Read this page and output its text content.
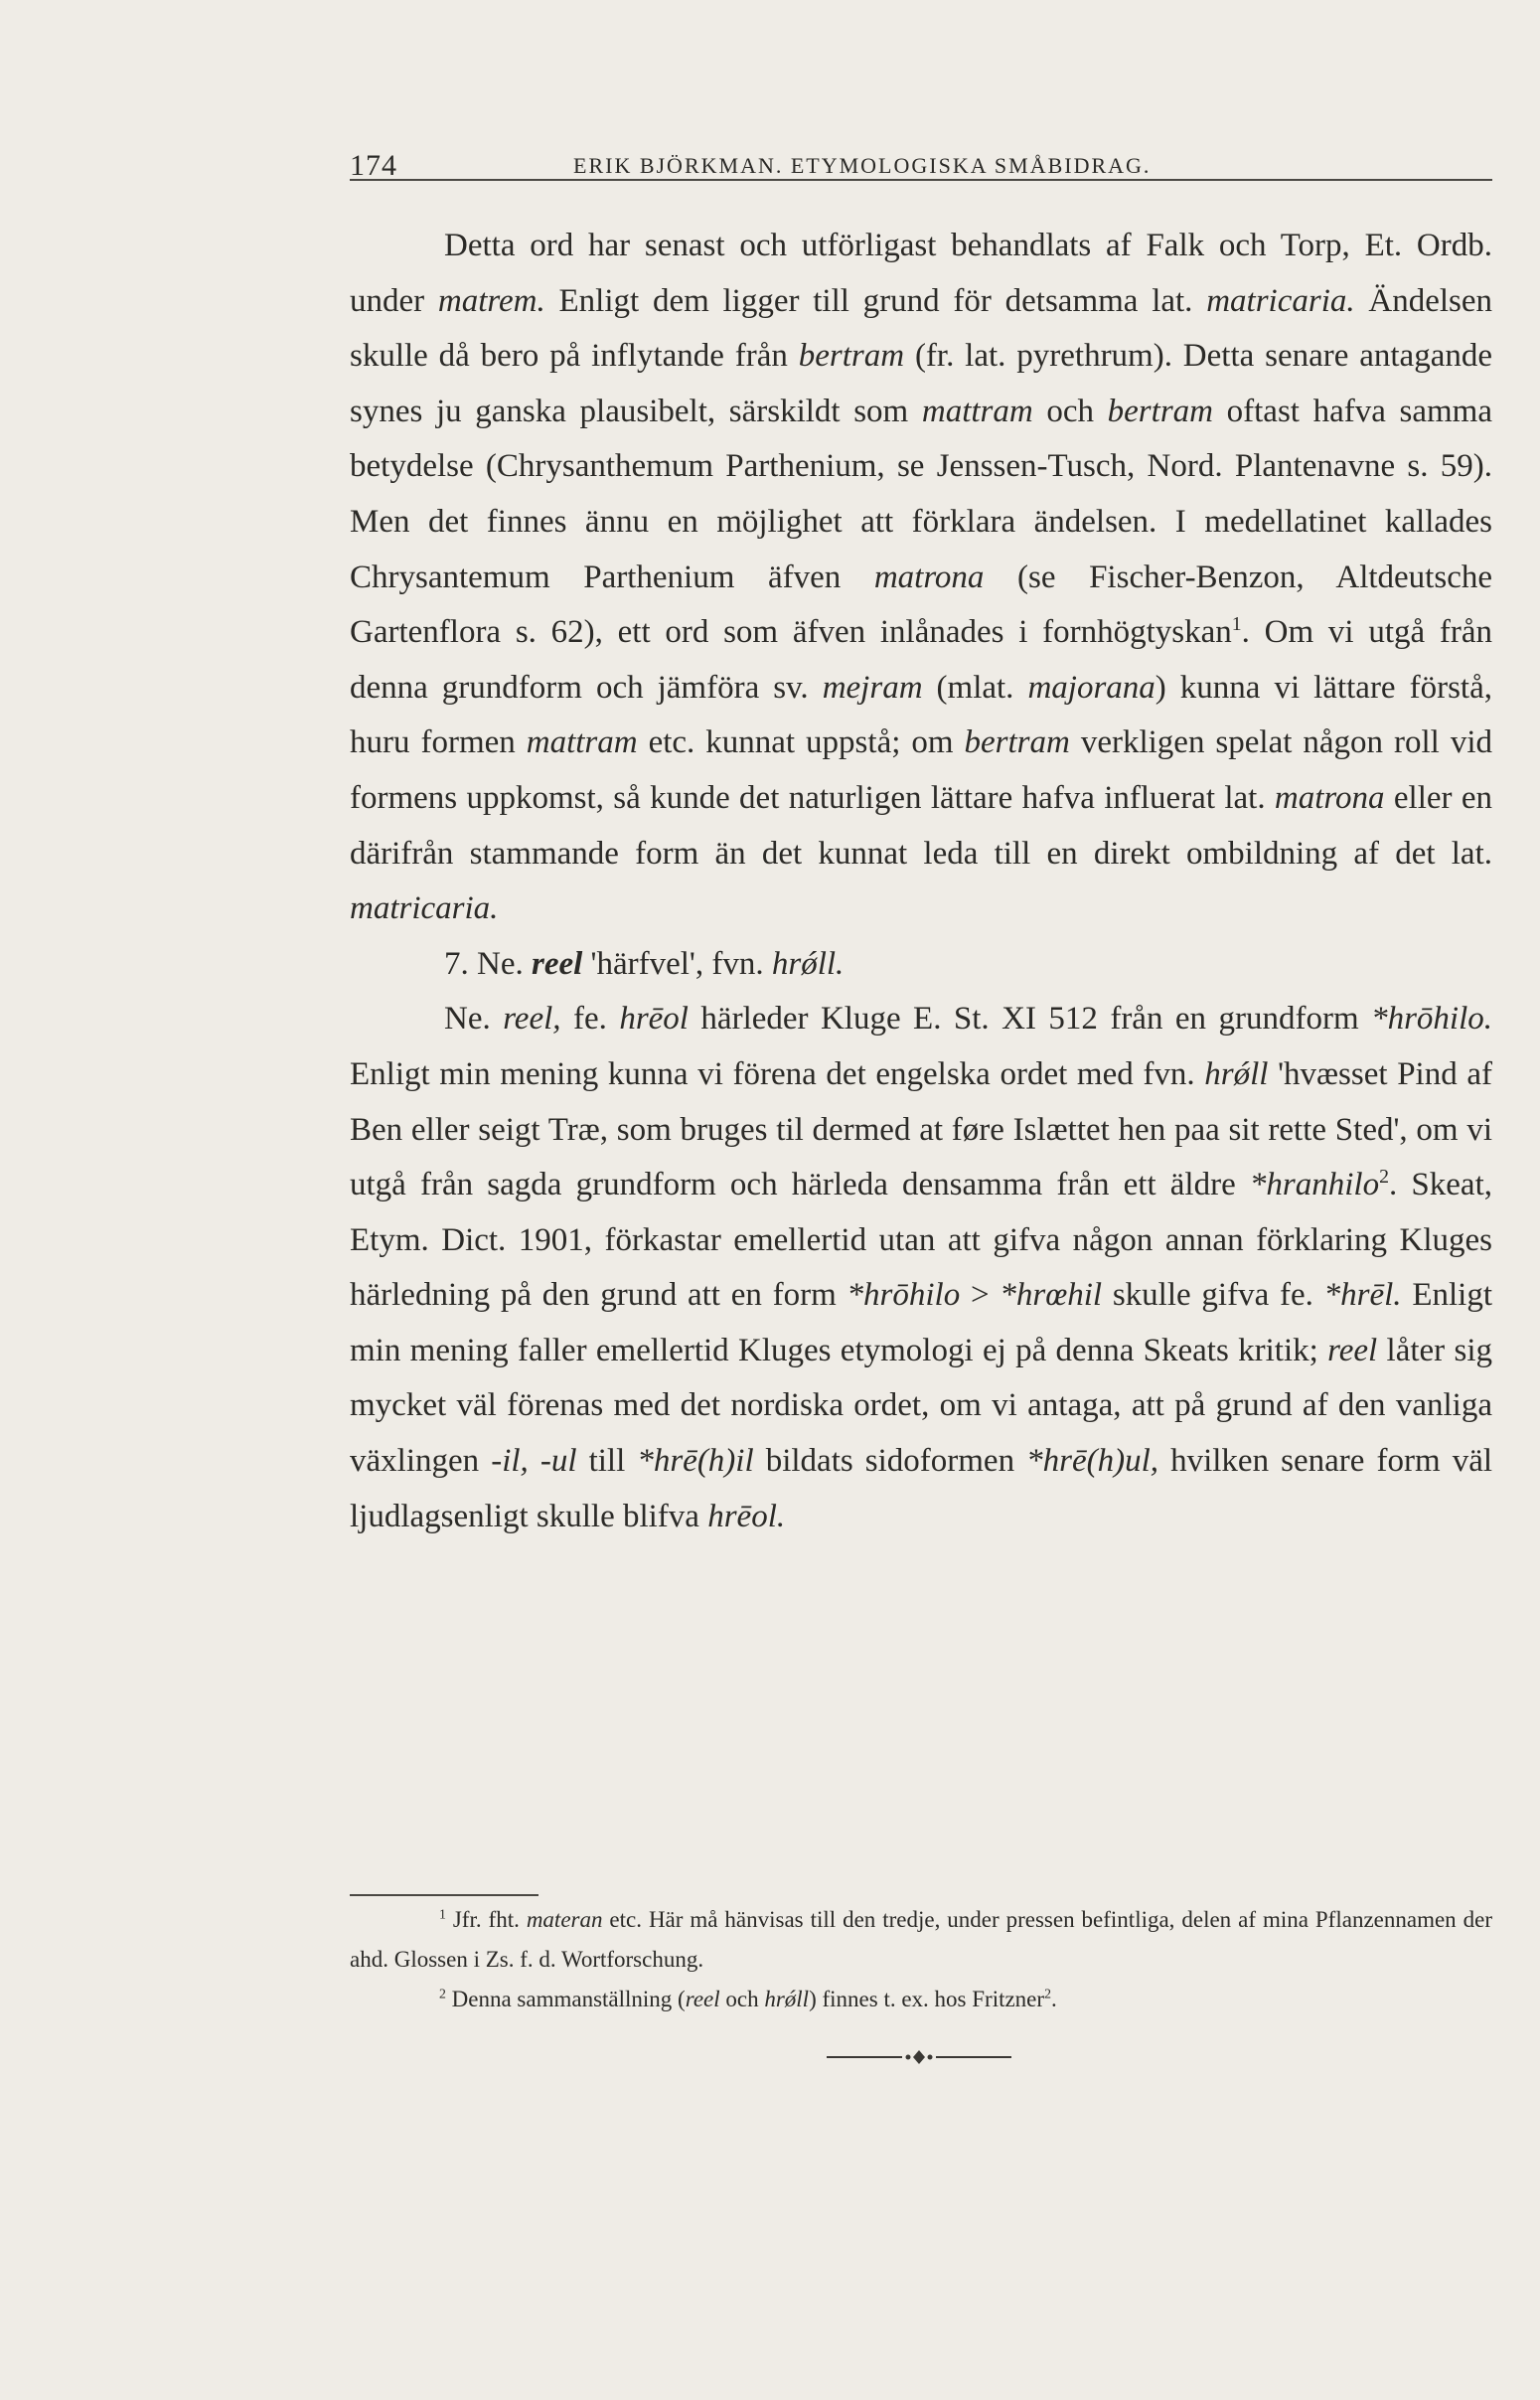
174	ERIK BJÖRKMAN. ETYMOLOGISKA SMÅBIDRAG.

Detta ord har senast och utförligast behandlats af Falk och Torp, Et. Ordb. under matrem. Enligt dem ligger till grund för detsamma lat. matricaria. Ändelsen skulle då bero på inflytande från bertram (fr. lat. pyrethrum). Detta senare antagande synes ju ganska plausibelt, särskildt som mattram och bertram oftast hafva samma betydelse (Chrysanthemum Parthenium, se Jenssen-Tusch, Nord. Plantenavne s. 59). Men det finnes ännu en möjlighet att förklara ändelsen. I medellatinet kallades Chrysantemum Parthenium äfven matrona (se Fischer-Benzon, Altdeutsche Gartenflora s. 62), ett ord som äfven inlånades i fornhögtyskan$^1$. Om vi utgå från denna grundform och jämföra sv. mejram (mlat. majorana) kunna vi lättare förstå, huru formen mattram etc. kunnat uppstå; om bertram verkligen spelat någon roll vid formens uppkomst, så kunde det naturligen lättare hafva influerat lat. matrona eller en därifrån stammande form än det kunnat leda till en direkt ombildning af det lat. matricaria.

7. Ne. reel 'härfvel', fvn. hrǿll.

Ne. reel, fe. hrēol härleder Kluge E. St. XI 512 från en grundform *hrōhilo. Enligt min mening kunna vi förena det engelska ordet med fvn. hrǿll 'hvæsset Pind af Ben eller seigt Træ, som bruges til dermed at føre Islættet hen paa sit rette Sted', om vi utgå från sagda grundform och härleda densamma från ett äldre *hranhilo$^2$. Skeat, Etym. Dict. 1901, förkastar emellertid utan att gifva någon annan förklaring Kluges härledning på den grund att en form *hrōhilo > *hrœhil skulle gifva fe. *hrēl. Enligt min mening faller emellertid Kluges etymologi ej på denna Skeats kritik; reel låter sig mycket väl förenas med det nordiska ordet, om vi antaga, att på grund af den vanliga växlingen -il, -ul till *hrē(h)il bildats sidoformen *hrē(h)ul, hvilken senare form väl ljudlagsenligt skulle blifva hrēol.

$^1$ Jfr. fht. materan etc. Här må hänvisas till den tredje, under pressen befintliga, delen af mina Pflanzennamen der ahd. Glossen i Zs. f. d. Wortforschung.

$^2$ Denna sammanställning (reel och hrǿll) finnes t. ex. hos Fritzner$^2$.
